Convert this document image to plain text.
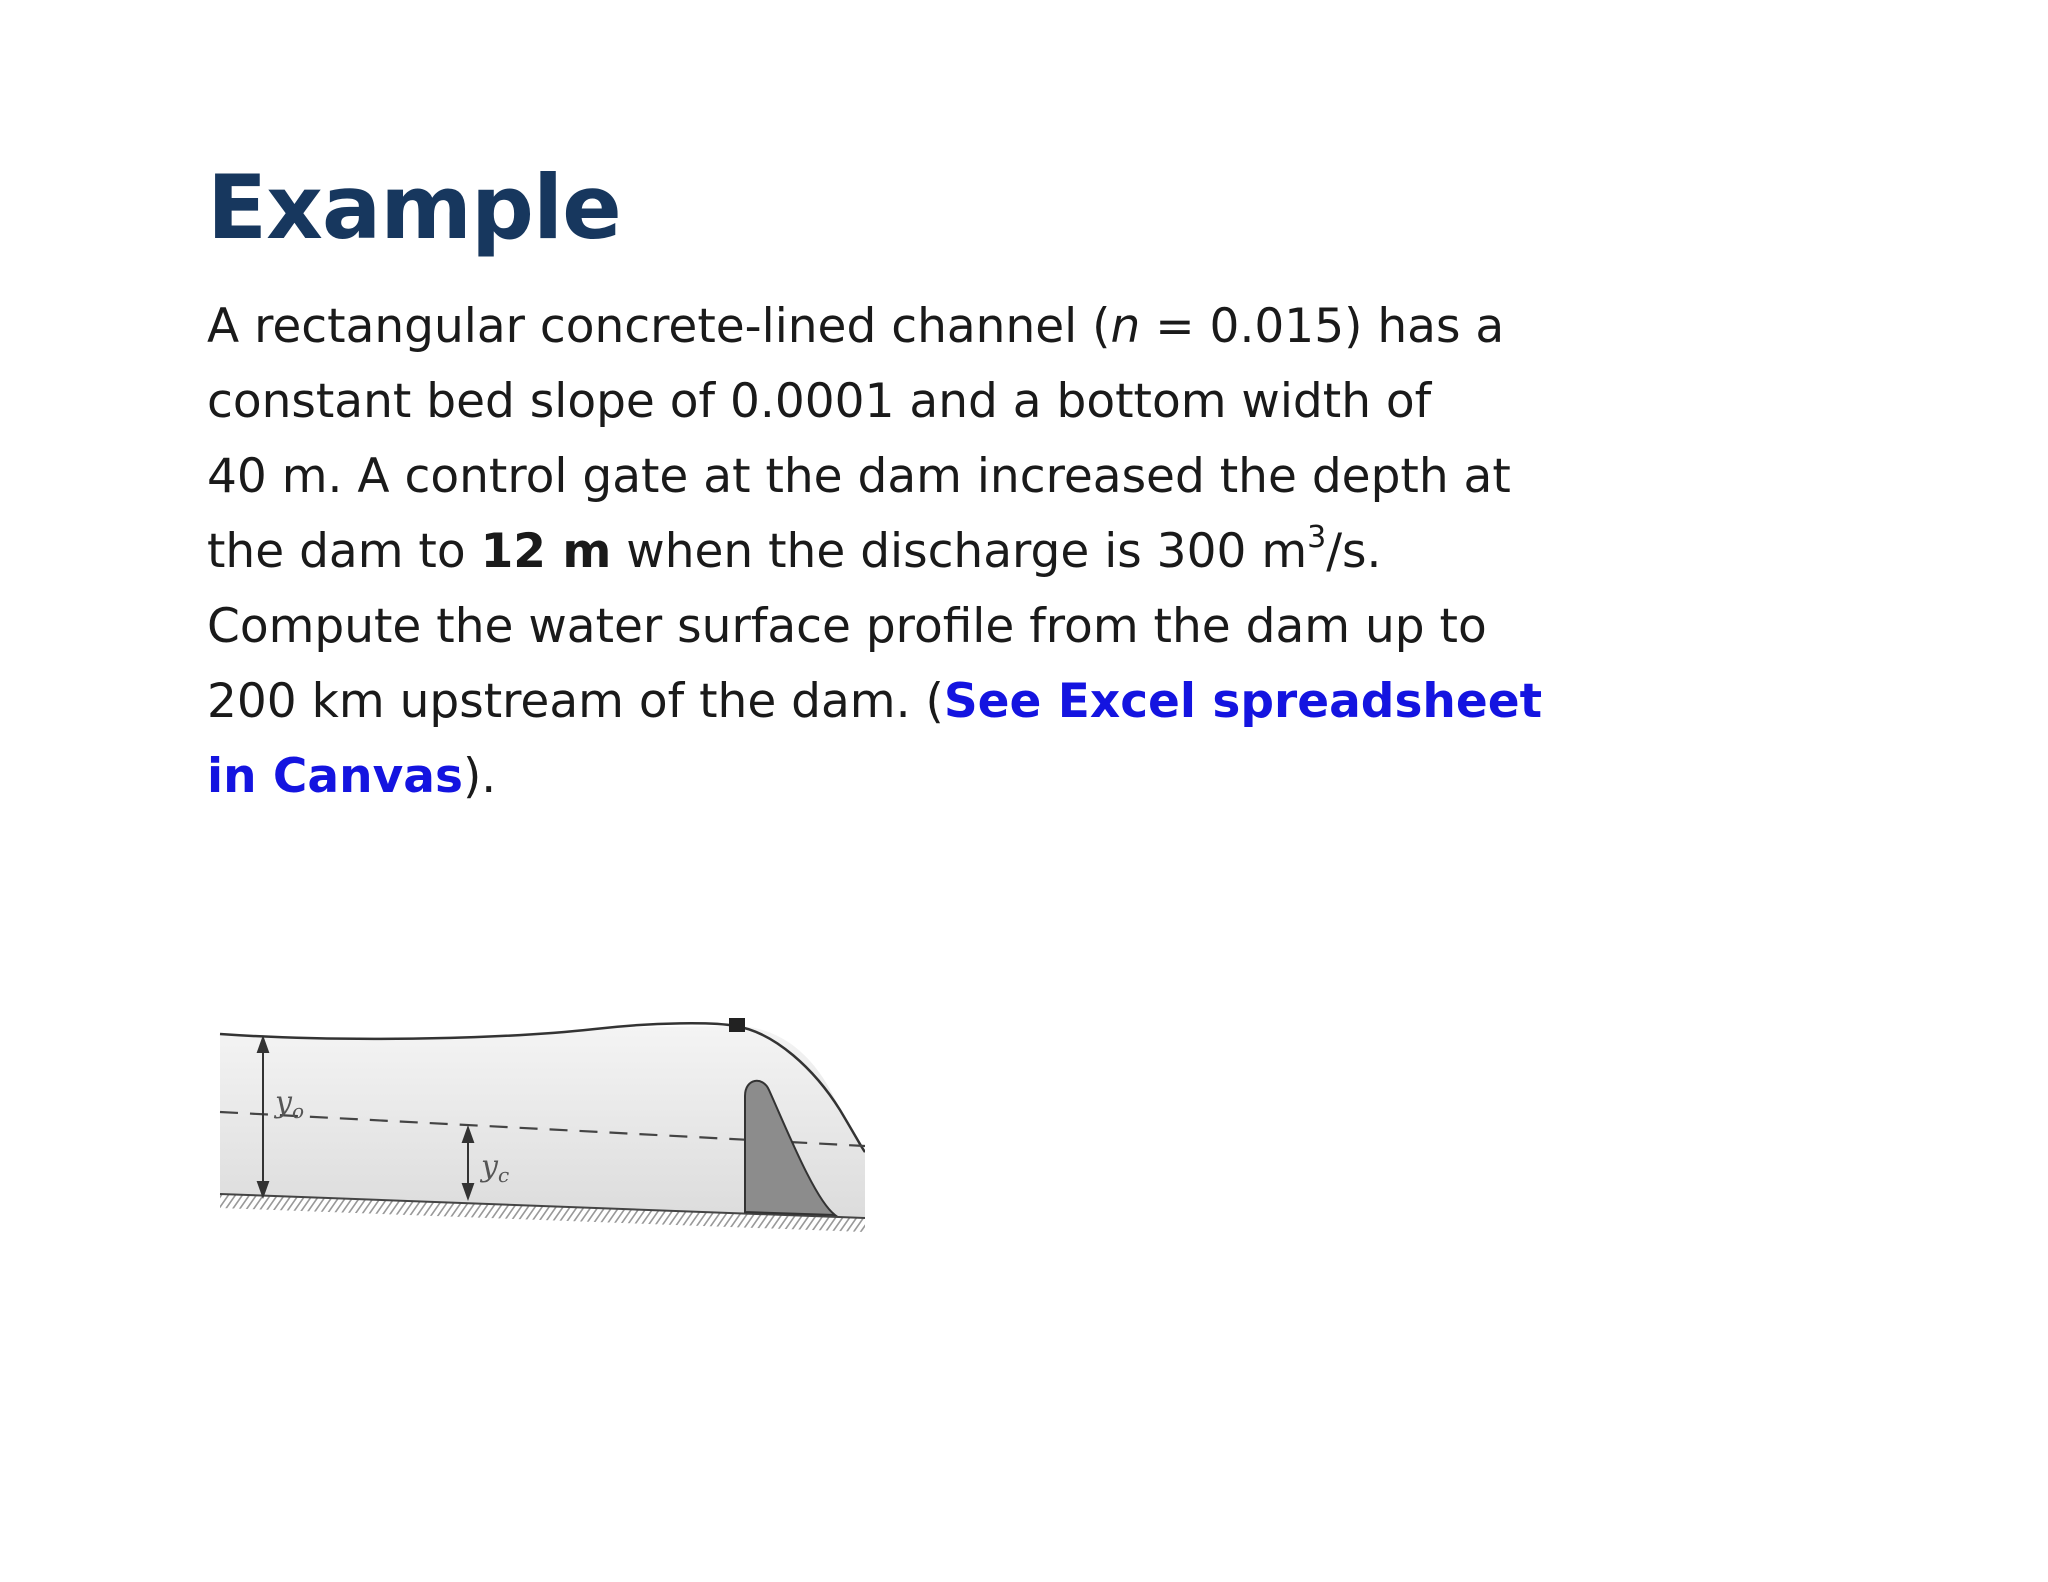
Example
A rectangular concrete-lined channel (n = 0.015) has a
constant bed slope of 0.0001 and a bottom width of
40 m. A control gate at the dam increased the depth at
the dam to 12 m when the discharge is 300 $m^3/s$.
Compute the water surface profile from the dam up to
200 km upstream of the dam. (See Excel spreadsheet
in Canvas).
$y_o$
$y_c$
